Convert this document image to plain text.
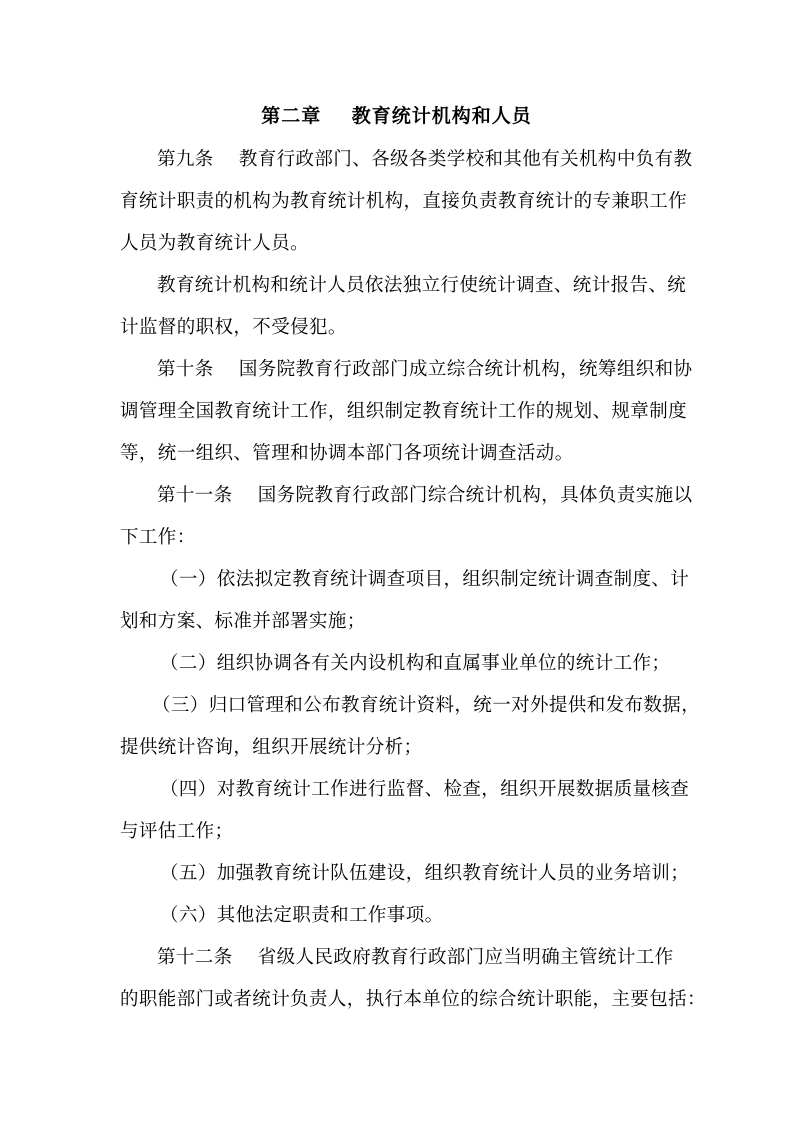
第二章    教育统计机构和人员
第九条    教育行政部门、各级各类学校和其他有关机构中负有教
育统计职责的机构为教育统计机构，直接负责教育统计的专兼职工作
人员为教育统计人员。
教育统计机构和统计人员依法独立行使统计调查、统计报告、统
计监督的职权，不受侵犯。
第十条    国务院教育行政部门成立综合统计机构，统筹组织和协
调管理全国教育统计工作，组织制定教育统计工作的规划、规章制度
等，统一组织、管理和协调本部门各项统计调查活动。
第十一条    国务院教育行政部门综合统计机构，具体负责实施以
下工作：
（一）依法拟定教育统计调查项目，组织制定统计调查制度、计
划和方案、标准并部署实施；
（二）组织协调各有关内设机构和直属事业单位的统计工作；
（三）归口管理和公布教育统计资料，统一对外提供和发布数据，
提供统计咨询，组织开展统计分析；
（四）对教育统计工作进行监督、检查，组织开展数据质量核查
与评估工作；
（五）加强教育统计队伍建设，组织教育统计人员的业务培训；
（六）其他法定职责和工作事项。
第十二条    省级人民政府教育行政部门应当明确主管统计工作
的职能部门或者统计负责人，执行本单位的综合统计职能，主要包括：
